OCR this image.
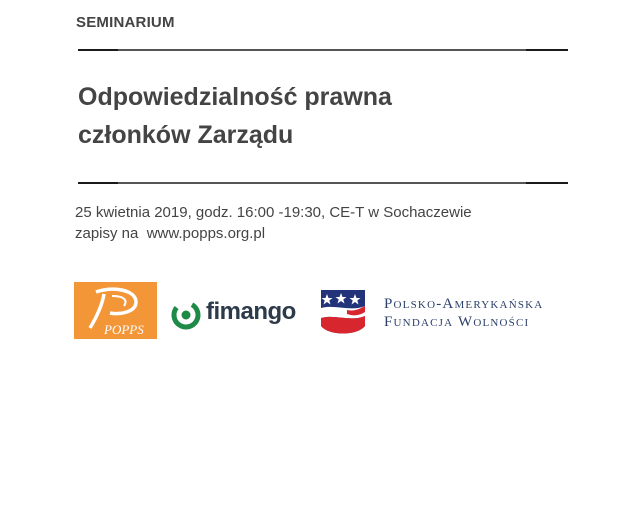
SEMINARIUM
Odpowiedzialność prawna
członków Zarządu
25 kwietnia 2019, godz. 16:00 -19:30, CE-T w Sochaczewie
zapisy na  www.popps.org.pl
POPPS
fimango	Polsko-Amerykańska
Fundacja Wolności
